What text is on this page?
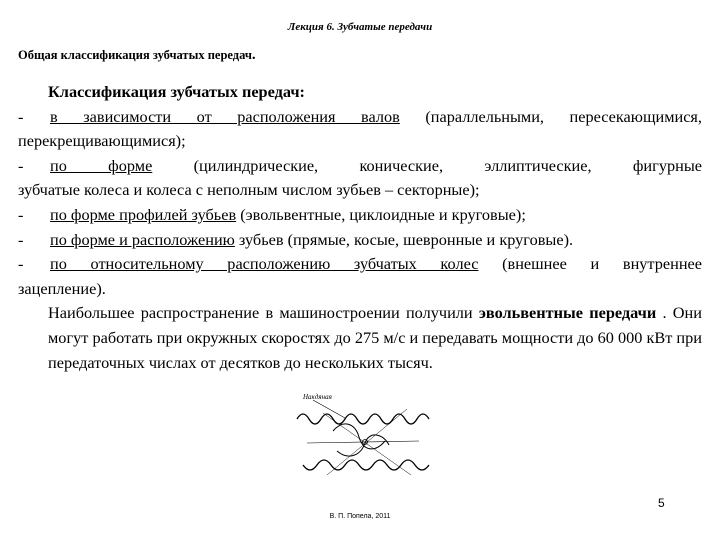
Лекция 6. Зубчатые передачи
Общая классификация зубчатых передач.

Классификация зубчатых передач:

-	в зависимости от расположения валов (параллельными, пересекающимися,

перекрещивающимися);

-	по форме (цилиндрические, конические, эллиптические, фигурные

зубчатые колеса и колеса с неполным числом зубьев – секторные);

-	по форме профилей зубьев (эвольвентные, циклоидные и круговые);
-	по форме и расположению зубьев (прямые, косые, шевронные и круговые).
-	по относительному расположению зубчатых колес (внешнее и внутреннее

зацепление).

Наибольшее распространение в машиностроении получили эвольвентные передачи . Они могут работать при окружных скоростях до 275 м/с и передавать мощности до 60 000 кВт при передаточных числах от десятков до нескольких тысяч.

Накдяная
5
В. П. Попела, 2011
